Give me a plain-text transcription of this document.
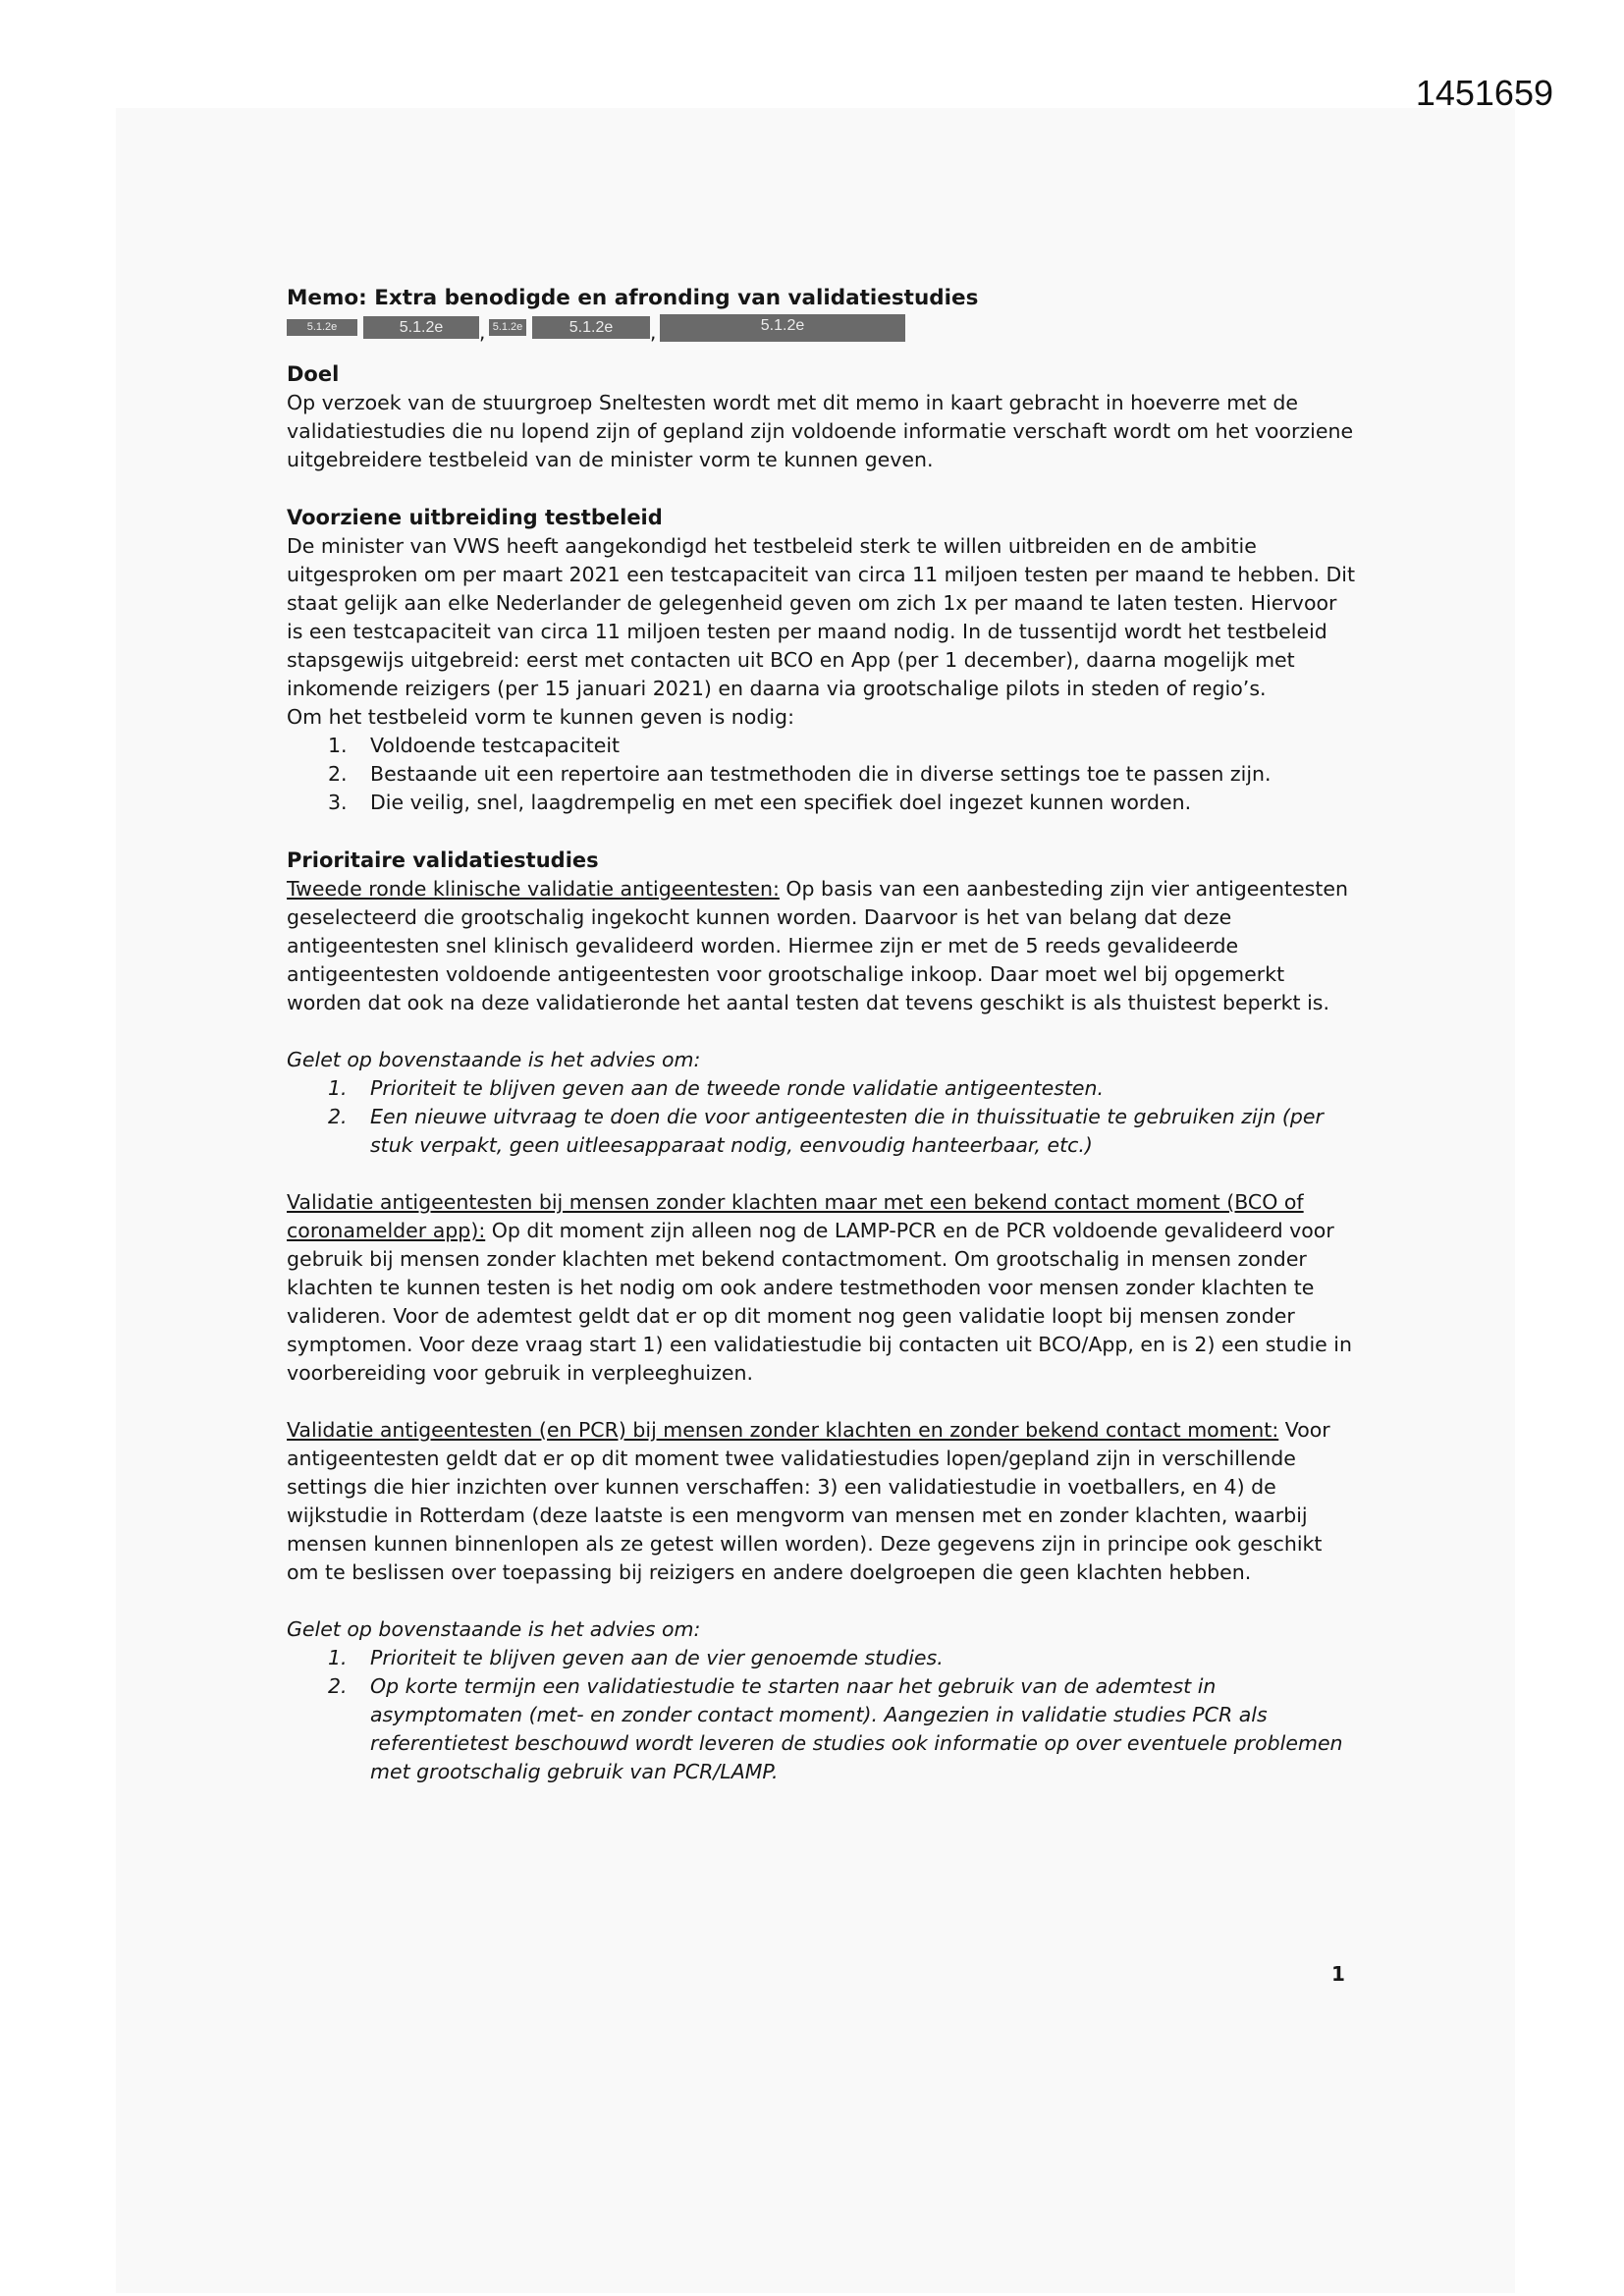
1451659
Memo: Extra benodigde en afronding van validatiestudies
5.1.2e	5.1.2e	, 5.1.2e	5.1.2e	,	5.1.2e
Doel

Op verzoek van de stuurgroep Sneltesten wordt met dit memo in kaart gebracht in hoeverre met de validatiestudies die nu lopend zijn of gepland zijn voldoende informatie verschaft wordt om het voorziene uitgebreidere testbeleid van de minister vorm te kunnen geven.

Voorziene uitbreiding testbeleid

De minister van VWS heeft aangekondigd het testbeleid sterk te willen uitbreiden en de ambitie uitgesproken om per maart 2021 een testcapaciteit van circa 11 miljoen testen per maand te hebben. Dit staat gelijk aan elke Nederlander de gelegenheid geven om zich 1x per maand te laten testen. Hiervoor is een testcapaciteit van circa 11 miljoen testen per maand nodig. In de tussentijd wordt het testbeleid stapsgewijs uitgebreid: eerst met contacten uit BCO en App (per 1 december), daarna mogelijk met inkomende reizigers (per 15 januari 2021) en daarna via grootschalige pilots in steden of regio’s.

Om het testbeleid vorm te kunnen geven is nodig:

1. Voldoende testcapaciteit
2. Bestaande uit een repertoire aan testmethoden die in diverse settings toe te passen zijn.
3. Die veilig, snel, laagdrempelig en met een specifiek doel ingezet kunnen worden.
Prioritaire validatiestudies

Tweede ronde klinische validatie antigeentesten: Op basis van een aanbesteding zijn vier antigeentesten geselecteerd die grootschalig ingekocht kunnen worden. Daarvoor is het van belang dat deze antigeentesten snel klinisch gevalideerd worden. Hiermee zijn er met de 5 reeds gevalideerde antigeentesten voldoende antigeentesten voor grootschalige inkoop. Daar moet wel bij opgemerkt worden dat ook na deze validatieronde het aantal testen dat tevens geschikt is als thuistest beperkt is.

Gelet op bovenstaande is het advies om:

1. Prioriteit te blijven geven aan de tweede ronde validatie antigeentesten.
2. Een nieuwe uitvraag te doen die voor antigeentesten die in thuissituatie te gebruiken zijn (per stuk verpakt, geen uitleesapparaat nodig, eenvoudig hanteerbaar, etc.)

Validatie antigeentesten bij mensen zonder klachten maar met een bekend contact moment (BCO of coronamelder app): Op dit moment zijn alleen nog de LAMP-PCR en de PCR voldoende gevalideerd voor gebruik bij mensen zonder klachten met bekend contactmoment. Om grootschalig in mensen zonder klachten te kunnen testen is het nodig om ook andere testmethoden voor mensen zonder klachten te valideren. Voor de ademtest geldt dat er op dit moment nog geen validatie loopt bij mensen zonder symptomen. Voor deze vraag start 1) een validatiestudie bij contacten uit BCO/App, en is 2) een studie in voorbereiding voor gebruik in verpleeghuizen.

Validatie antigeentesten (en PCR) bij mensen zonder klachten en zonder bekend contact moment: Voor antigeentesten geldt dat er op dit moment twee validatiestudies lopen/gepland zijn in verschillende settings die hier inzichten over kunnen verschaffen: 3) een validatiestudie in voetballers, en 4) de wijkstudie in Rotterdam (deze laatste is een mengvorm van mensen met en zonder klachten, waarbij mensen kunnen binnenlopen als ze getest willen worden). Deze gegevens zijn in principe ook geschikt om te beslissen over toepassing bij reizigers en andere doelgroepen die geen klachten hebben.

Gelet op bovenstaande is het advies om:

1. Prioriteit te blijven geven aan de vier genoemde studies.
2. Op korte termijn een validatiestudie te starten naar het gebruik van de ademtest in asymptomaten (met- en zonder contact moment). Aangezien in validatie studies PCR als referentietest beschouwd wordt leveren de studies ook informatie op over eventuele problemen met grootschalig gebruik van PCR/LAMP.
1
